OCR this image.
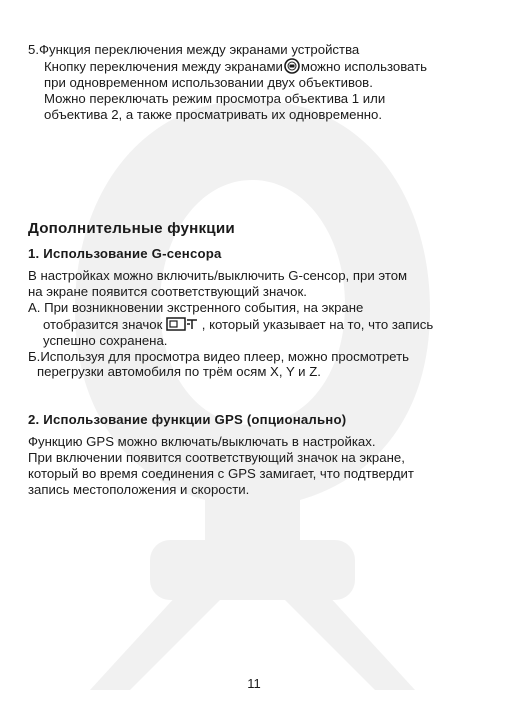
5.Функция переключения между экранами устройства

Кнопку переключения между экранами можно использовать

при одновременном использовании двух объективов.

Можно переключать режим просмотра объектива 1 или

объектива 2, а также просматривать их одновременно.

Дополнительные функции
1. Использование G-сенсора

В настройках можно включить/выключить G-сенсор, при этом

на экране появится соответствующий значок.

А. При возникновении экстренного события, на экране

отобразится значок	, который указывает на то, что запись

успешно сохранена.

Б.Используя для просмотра видео плеер, можно просмотреть

перегрузки автомобиля по трём осям X, Y и Z.

2. Использование функции GPS (опционально)

Функцию GPS можно включать/выключать в настройках.

При включении появится соответствующий значок на экране,

который во время соединения с GPS замигает, что подтвердит

запись местоположения и скорости.

11
